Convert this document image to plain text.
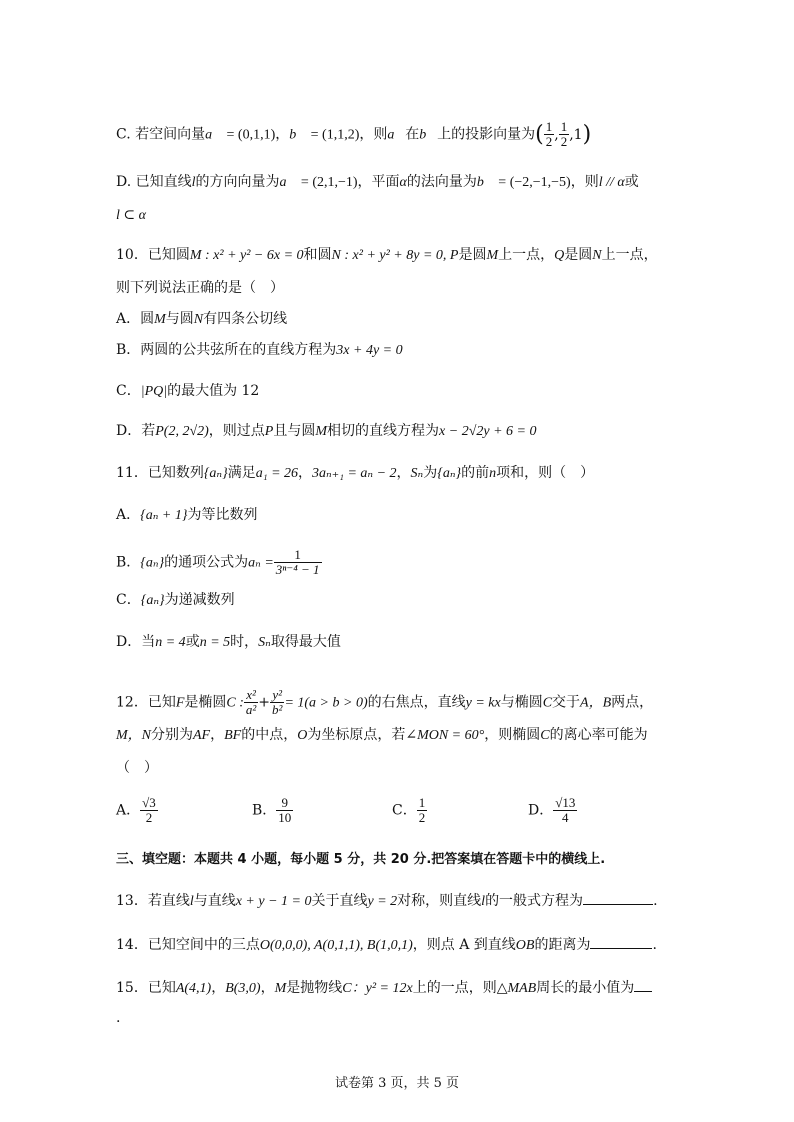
C. 若空间向量a⃗ = (0,1,1)，b⃗ = (1,1,2)，则a⃗在b⃗上的投影向量为( $\frac{1}{2}$ , $\frac{1}{2} ,1$)
D. 已知直线l的方向向量为a⃗ = (2,1,−1)，平面α的法向量为b⃗ = (−2,−1,−5)，则l // α或
l ⊂ α
10．已知圆M : x² + y² − 6x = 0和圆N : x² + y² + 8y = 0, P是圆M上一点，Q是圆N上一点，
则下列说法正确的是（　）
A．圆M与圆N有四条公切线
B．两圆的公共弦所在的直线方程为3x + 4y = 0
C．|PQ|的最大值为 12
D．若P(2, 2√2)，则过点P且与圆M相切的直线方程为x − 2√2y + 6 = 0
11．已知数列{aₙ}满足a₁ = 26，3aₙ₊₁ = aₙ − 2，Sₙ为{aₙ}的前n项和，则（　）
A．{aₙ + 1}为等比数列
B．{aₙ}的通项公式为$a_n = \frac{1}{\text{3ⁿ⁻⁴ − 1}}$
C．{aₙ}为递减数列
D．当n = 4或n = 5时，Sₙ取得最大值
12．已知F是椭圆C : $\frac{\text{x²}}{\text{a²}} + \frac{\text{y²}}{\text{b²}} = 1(a > b > 0)$的右焦点，直线y = kx与椭圆C交于A，B两点，
M，N分别为AF，BF的中点，O为坐标原点，若∠MON = 60°，则椭圆C的离心率可能为
（　）
A． $\frac{√3}{2}$	B． $\frac{9}{10}$	C． $\frac{1}{2}$	D． $\frac{√13}{4}$
三、填空题：本题共 4 小题，每小题 5 分，共 20 分.把答案填在答题卡中的横线上.
13．若直线l与直线x + y − 1 = 0关于直线y = 2对称，则直线l的一般式方程为	.
14．已知空间中的三点O(0,0,0), A(0,1,1), B(1,0,1)，则点 A 到直线OB的距离为	.
15．已知A(4,1)，B(3,0)，M是抛物线C：y² = 12x上的一点，则△MAB周长的最小值为
.
试卷第 3 页，共 5 页
